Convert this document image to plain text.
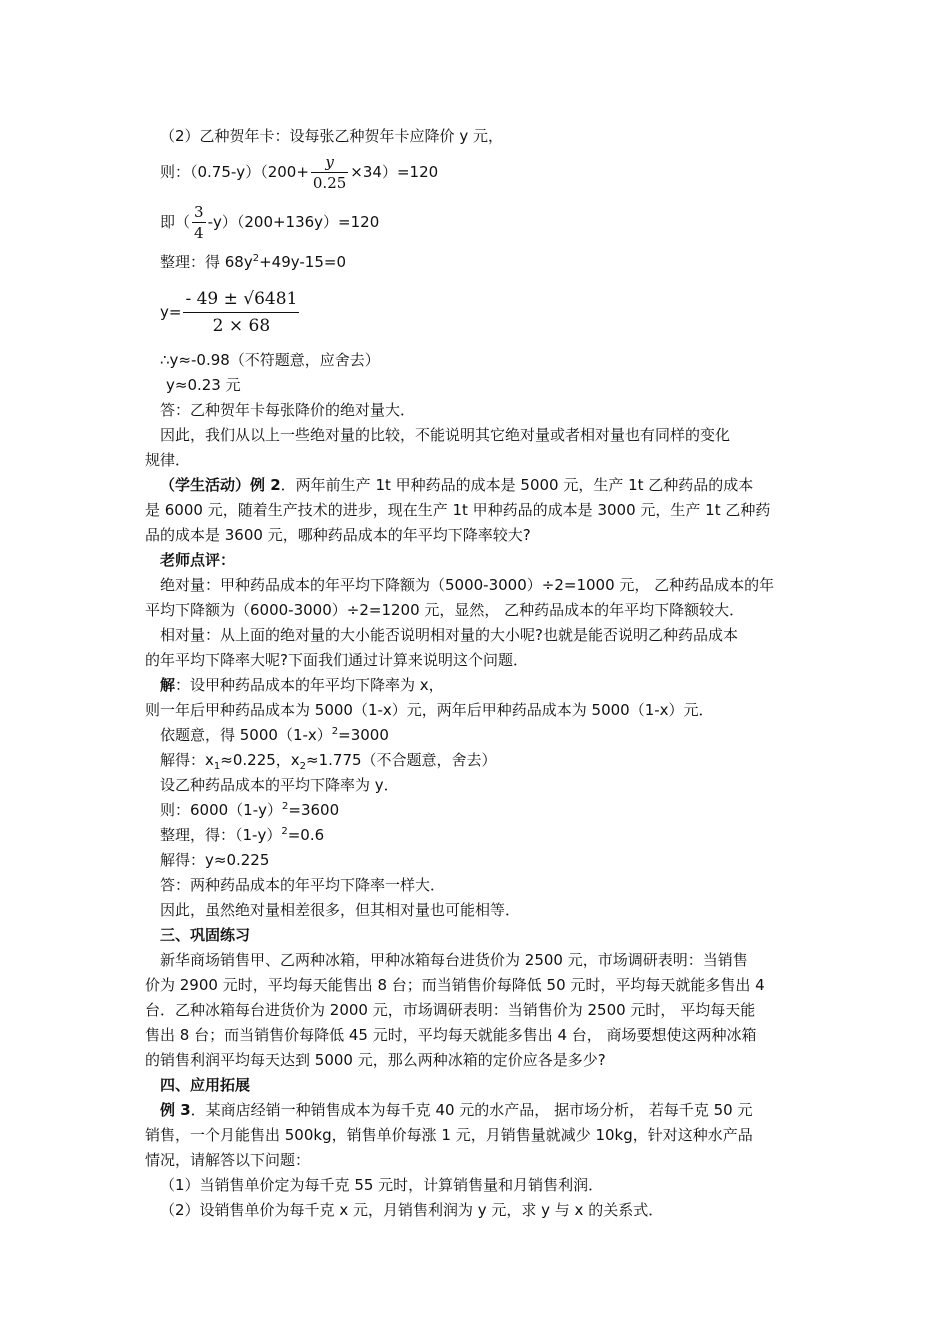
（2）乙种贺年卡：设每张乙种贺年卡应降价 y 元，
则：$(0.75-y)(200+ \frac{y}{0.25} \times 34)=120$
即（ $\frac{3}{4} -y)(200+136y)=120$
整理：得 $68y^2+49y-15=0$
$y= \frac{- 49 \pm √6481}{2 \times 68}$
∴y≈-0.98（不符题意，应舍去）
y≈0.23 元
答：乙种贺年卡每张降价的绝对量大．
因此，我们从以上一些绝对量的比较，不能说明其它绝对量或者相对量也有同样的变化
规律．
（学生活动）例 2．两年前生产 1t 甲种药品的成本是 5000 元，生产 1t 乙种药品的成本
是 6000 元，随着生产技术的进步，现在生产 1t 甲种药品的成本是 3000 元，生产 1t 乙种药
品的成本是 3600 元，哪种药品成本的年平均下降率较大?
老师点评：
绝对量：甲种药品成本的年平均下降额为（5000-3000）÷2=1000 元， 乙种药品成本的年
平均下降额为（6000-3000）÷2=1200 元，显然， 乙种药品成本的年平均下降额较大．
相对量：从上面的绝对量的大小能否说明相对量的大小呢?也就是能否说明乙种药品成本
的年平均下降率大呢?下面我们通过计算来说明这个问题．
解：设甲种药品成本的年平均下降率为 x，
则一年后甲种药品成本为 5000（1-x）元，两年后甲种药品成本为 5000（1-x）元．
依题意，得 $5000(1-x)^2=3000$
解得：$x_1\approx 0.225$，$x_2\approx 1.775$（不合题意，舍去）
设乙种药品成本的平均下降率为 y．
则：$6000(1-y)^2=3600$
整理，得：$(1-y)^2=0.6$
解得：y≈0.225
答：两种药品成本的年平均下降率一样大．
因此，虽然绝对量相差很多，但其相对量也可能相等．
三、巩固练习
新华商场销售甲、乙两种冰箱，甲种冰箱每台进货价为 2500 元，市场调研表明：当销售
价为 2900 元时，平均每天能售出 8 台；而当销售价每降低 50 元时，平均每天就能多售出 4
台．乙种冰箱每台进货价为 2000 元，市场调研表明：当销售价为 2500 元时， 平均每天能
售出 8 台；而当销售价每降低 45 元时，平均每天就能多售出 4 台， 商场要想使这两种冰箱
的销售利润平均每天达到 5000 元，那么两种冰箱的定价应各是多少?
四、应用拓展
例 3．某商店经销一种销售成本为每千克 40 元的水产品， 据市场分析， 若每千克 50 元
销售，一个月能售出 500kg，销售单价每涨 1 元，月销售量就减少 10kg，针对这种水产品
情况，请解答以下问题：
（1）当销售单价定为每千克 55 元时，计算销售量和月销售利润．
（2）设销售单价为每千克 x 元，月销售利润为 y 元，求 y 与 x 的关系式．
